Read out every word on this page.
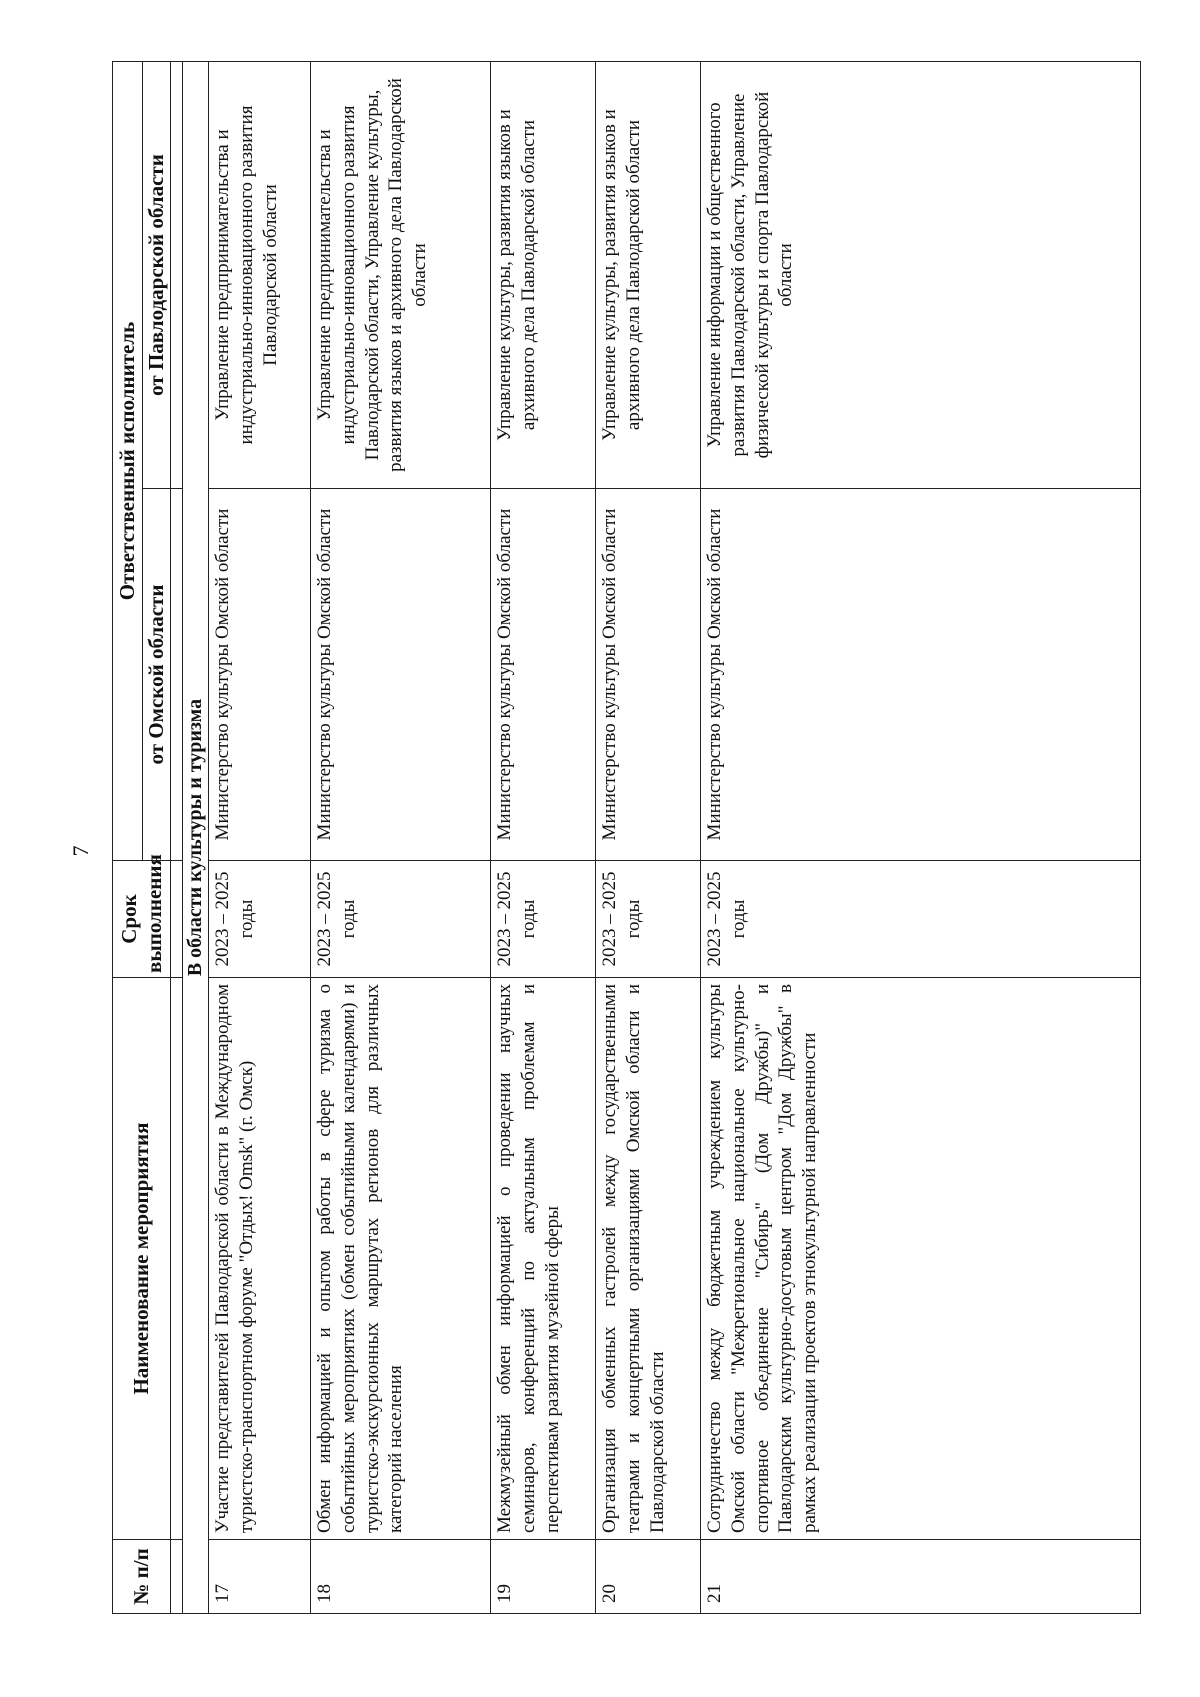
7
№ п/п	Наименование мероприятия	Срок выполнения	Ответственный исполнитель	
			от Омской области	от Павлодарской области

В области культуры и туризма				
17	Участие представителей Павлодарской области в Международном туристско-транспортном форуме "Отдых! Omsk" (г. Омск)	2023 – 2025 годы	Министерство культуры Омской области	Управление предпринимательства и индустриально-инновационного развития Павлодарской области
18	Обмен информацией и опытом работы в сфере туризма о событийных мероприятиях (обмен событийными календарями) и туристско-экскурсионных маршрутах регионов для различных категорий населения	2023 – 2025 годы	Министерство культуры Омской области	Управление предпринимательства и индустриально-инновационного развития Павлодарской области, Управление культуры, развития языков и архивного дела Павлодарской области
19	Межмузейный обмен информацией о проведении научных семинаров, конференций по актуальным проблемам и перспективам развития музейной сферы	2023 – 2025 годы	Министерство культуры Омской области	Управление культуры, развития языков и архивного дела Павлодарской области
20	Организация обменных гастролей между государственными театрами и концертными организациями Омской области и Павлодарской области	2023 – 2025 годы	Министерство культуры Омской области	Управление культуры, развития языков и архивного дела Павлодарской области
21	Сотрудничество между бюджетным учреждением культуры Омской области "Межрегиональное национальное культурно-спортивное объединение "Сибирь" (Дом Дружбы)" и Павлодарским культурно-досуговым центром "Дом Дружбы" в рамках реализации проектов этнокультурной направленности	2023 – 2025 годы	Министерство культуры Омской области	Управление информации и общественного развития Павлодарской области, Управление физической культуры и спорта Павлодарской области
